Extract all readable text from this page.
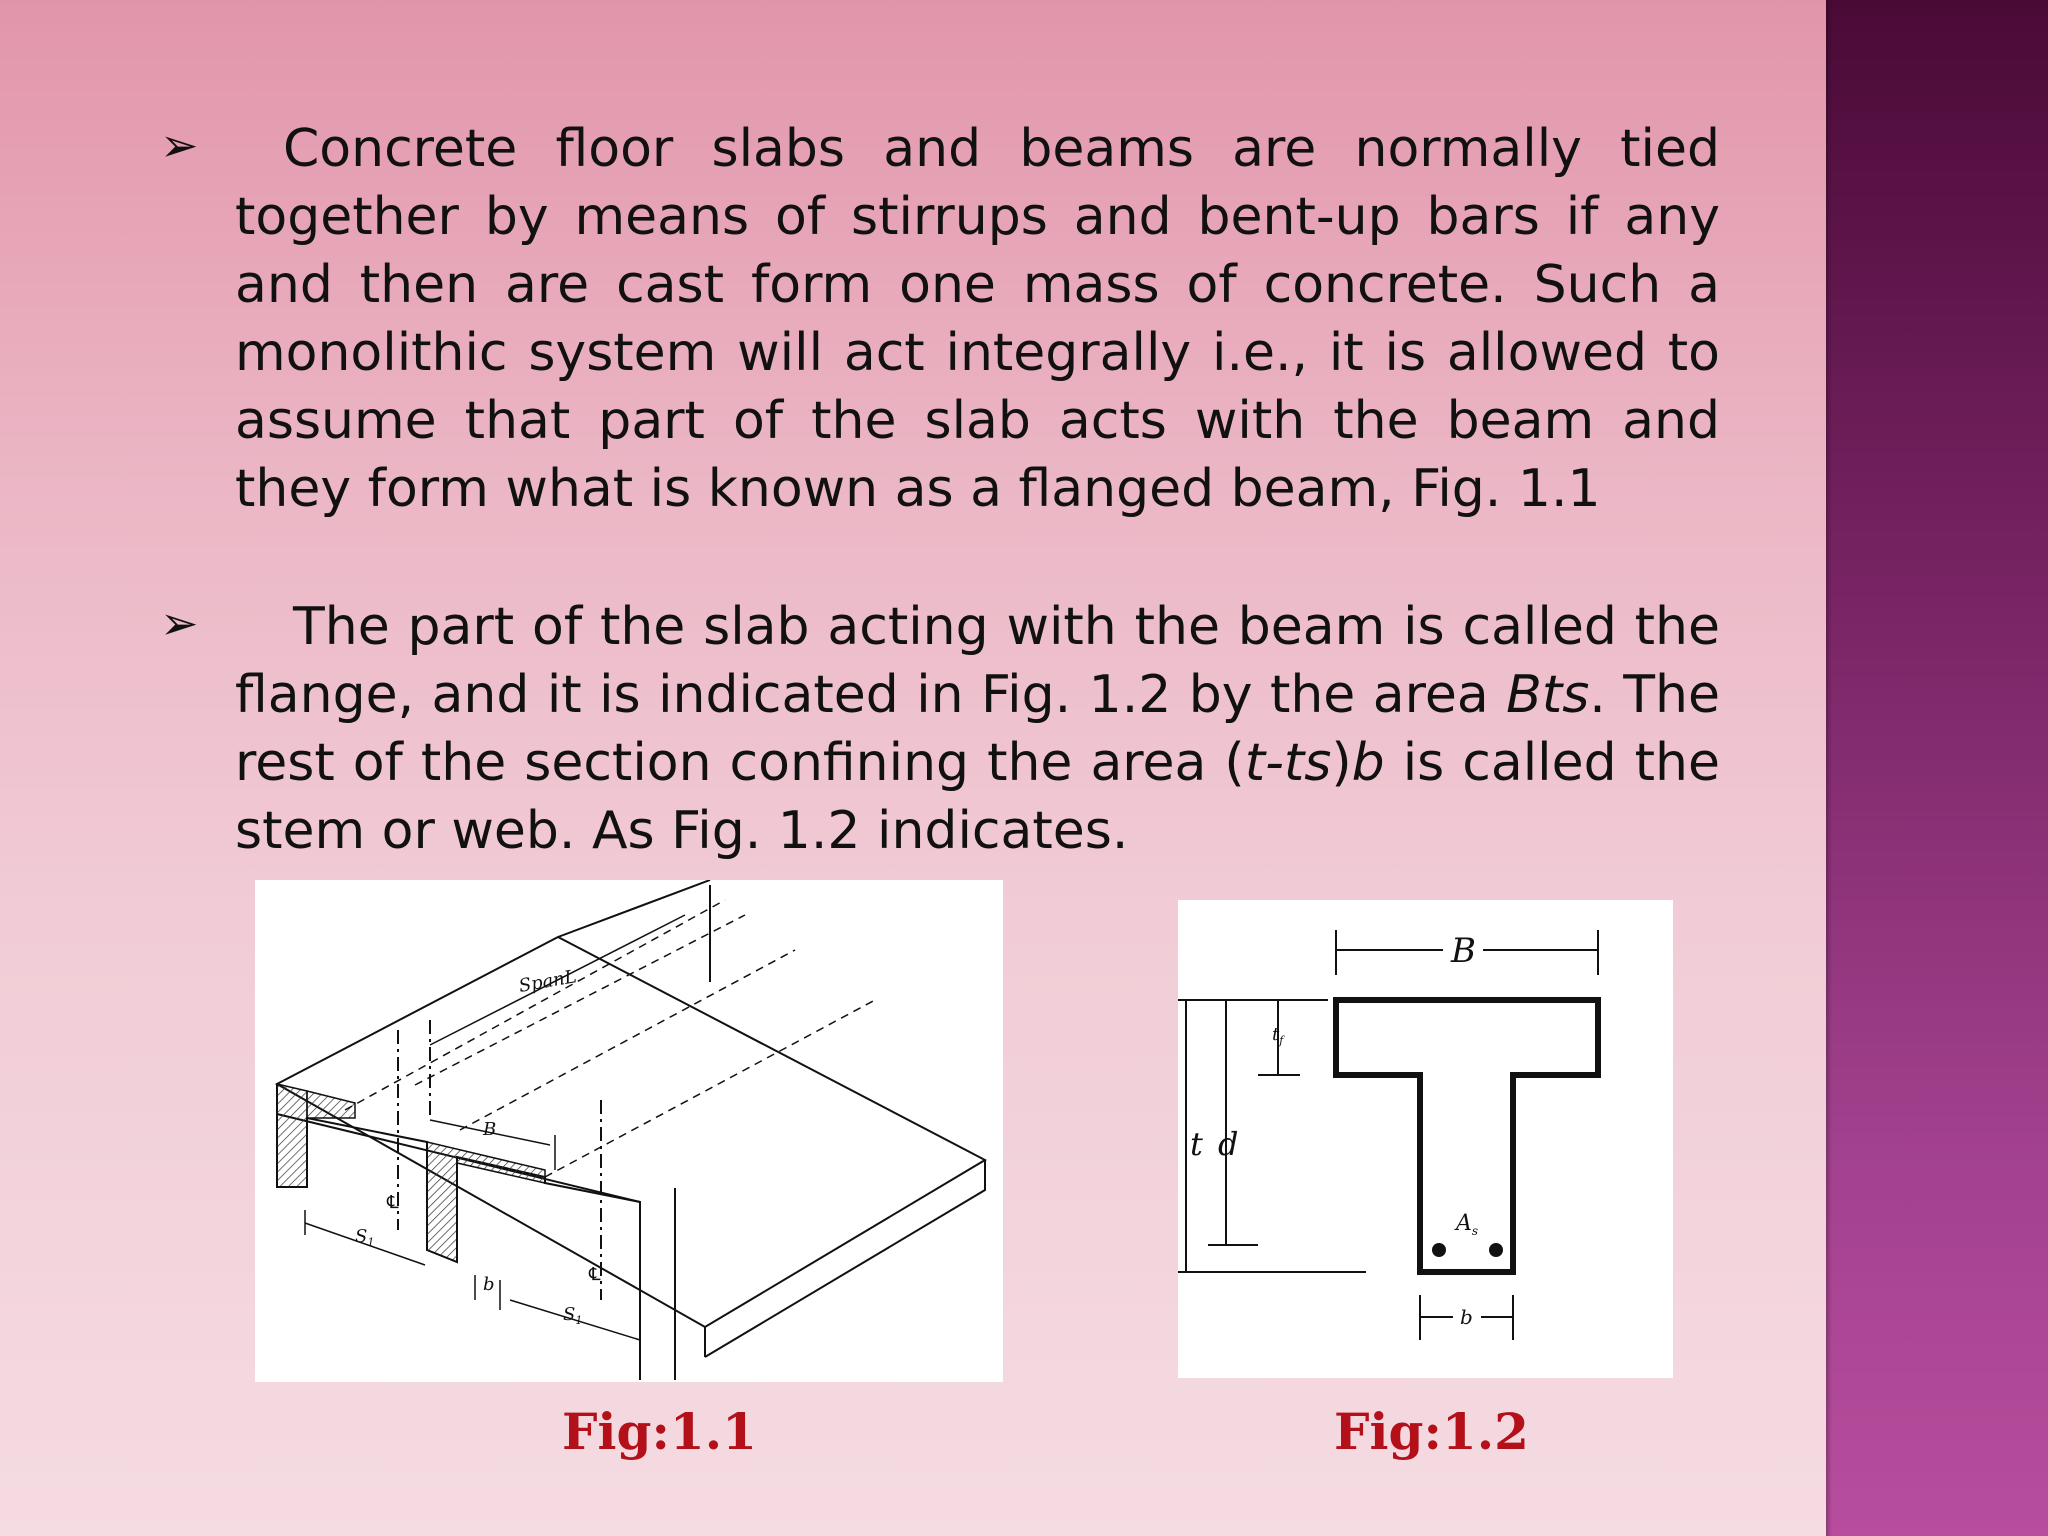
➢	Concrete floor slabs and beams are normally tied together by means of stirrups and bent-up bars if any and then are cast form one mass of concrete. Such a monolithic system will act integrally i.e., it is allowed to assume that part of the slab acts with the beam and they form what is known as a flanged beam, Fig. 1.1
➢	The part of the slab acting with the beam is called the flange, and it is indicated in Fig. 1.2 by the area Bts. The rest of the section confining the area (t-ts)b is called the stem or web. As Fig. 1.2 indicates.
SpanL
B
℄
℄
$S_1$
b
$S_1$
B
$t_f$
t d
$A_s$
b
Fig:1.1	Fig:1.2
